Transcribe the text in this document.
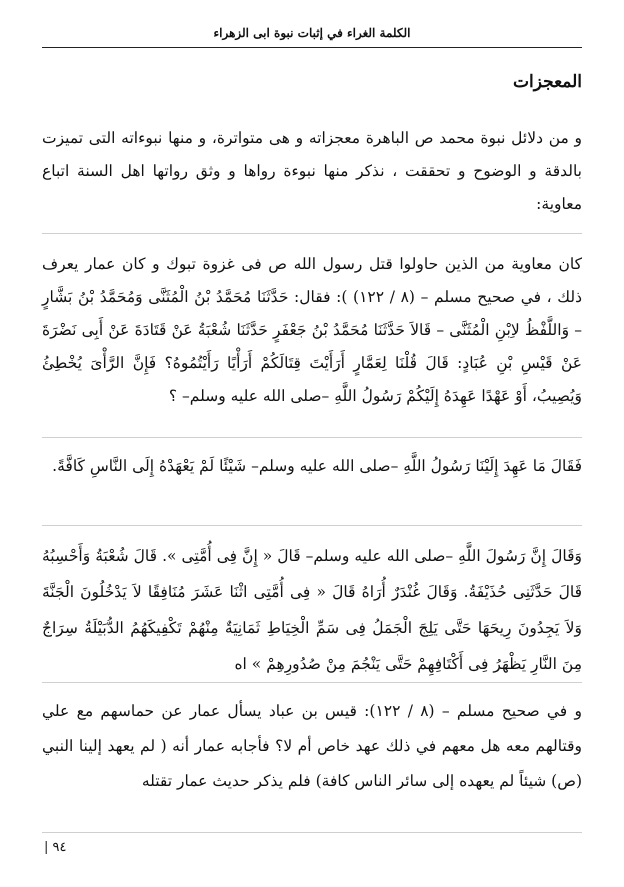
الكلمة الغراء في إثبات نبوة ابى الزهراء
المعجزات
و من دلائل نبوة محمد ص الباهرة معجزاته و هى متواترة، و منها نبوءاته التى تميزت بالدقة و الوضوح و تحققت ، نذكر منها نبوءة رواها و وثق رواتها اهل السنة اتباع معاوية:
كان معاوية من الذين حاولوا قتل رسول الله ص فى غزوة تبوك و كان عمار يعرف ذلك ، ‌في صحيح مسلم – (٨ / ١٢٢) ): فقال: حَدَّثَنَا مُحَمَّدُ بْنُ الْمُثَنَّى وَمُحَمَّدُ بْنُ بَشَّارٍ – وَاللَّفْظُ لاِبْنِ الْمُثَنَّى – قَالاَ حَدَّثَنَا مُحَمَّدُ بْنُ جَعْفَرٍ حَدَّثَنَا شُعْبَةُ عَنْ قَتَادَةَ عَنْ أَبِى نَضْرَةَ عَنْ قَيْسِ بْنِ عُبَادٍ: قَالَ قُلْنَا لِعَمَّارٍ أَرَأَيْتَ قِتَالَكُمْ أَرَأْيًا رَأَيْتُمُوهُ؟ فَإِنَّ الرَّأْىَ يُخْطِئُ وَيُصِيبُ، أَوْ عَهْدًا عَهِدَهُ إِلَيْكُمْ رَسُولُ اللَّهِ –صلى الله عليه وسلم– ؟
فَقَالَ مَا عَهِدَ إِلَيْنَا رَسُولُ اللَّهِ –صلى الله عليه وسلم– شَيْئًا لَمْ يَعْهَدْهُ إِلَى النَّاسِ كَافَّةً.
وَقَالَ إِنَّ رَسُولَ اللَّهِ –صلى الله عليه وسلم– قَالَ « إِنَّ فِى أُمَّتِى ». قَالَ شُعْبَةُ وَأَحْسِبُهُ قَالَ حَدَّثَنِى حُذَيْفَةُ. وَقَالَ غُنْدَرٌ أُرَاهُ قَالَ « فِى أُمَّتِى اثْنَا عَشَرَ مُنَافِقًا لاَ يَدْخُلُونَ الْجَنَّةَ وَلاَ يَجِدُونَ رِيحَهَا حَتَّى يَلِجَ الْجَمَلُ فِى سَمِّ الْخِيَاطِ ثَمَانِيَةٌ مِنْهُمْ تَكْفِيكَهُمُ الدُّبَيْلَةُ سِرَاجٌ مِنَ النَّارِ يَظْهَرُ فِى أَكْتَافِهِمْ حَتَّى يَنْجُمَ مِنْ صُدُورِهِمْ » اه
و في صحيح مسلم – (٨ / ١٢٢): قيس بن عباد يسأل عمار عن حماسهم مع علي وقتالهم معه هل معهم في ذلك عهد خاص أم لا؟ فأجابه عمار أنه ( لم يعهد إلينا النبي (ص) شيئاً لم يعهده إلى سائر الناس كافة) فلم يذكر حديث عمار تقتله
٩٤ |
